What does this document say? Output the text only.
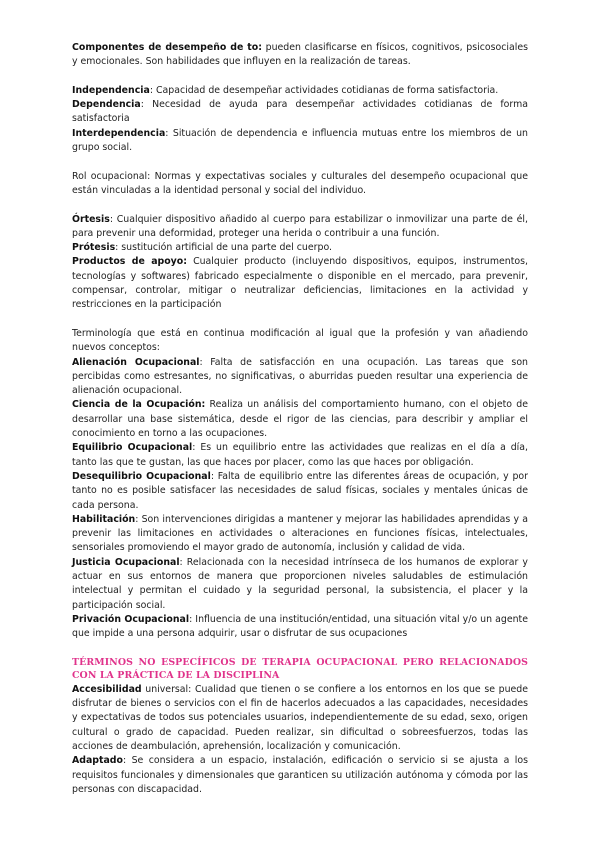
Componentes de desempeño de to: pueden clasificarse en físicos, cognitivos, psicosociales y emocionales. Son habilidades que influyen en la realización de tareas.

Independencia: Capacidad de desempeñar actividades cotidianas de forma satisfactoria.

Dependencia: Necesidad de ayuda para desempeñar actividades cotidianas de forma satisfactoria

Interdependencia: Situación de dependencia e influencia mutuas entre los miembros de un grupo social.

Rol ocupacional: Normas y expectativas sociales y culturales del desempeño ocupacional que están vinculadas a la identidad personal y social del individuo.

Órtesis: Cualquier dispositivo añadido al cuerpo para estabilizar o inmovilizar una parte de él, para prevenir una deformidad, proteger una herida o contribuir a una función.

Prótesis: sustitución artificial de una parte del cuerpo.

Productos de apoyo: Cualquier producto (incluyendo dispositivos, equipos, instrumentos, tecnologías y softwares) fabricado especialmente o disponible en el mercado, para prevenir, compensar, controlar, mitigar o neutralizar deficiencias, limitaciones en la actividad y restricciones en la participación

Terminología que está en continua modificación al igual que la profesión y van añadiendo nuevos conceptos:

Alienación Ocupacional: Falta de satisfacción en una ocupación. Las tareas que son percibidas como estresantes, no significativas, o aburridas pueden resultar una experiencia de alienación ocupacional.

Ciencia de la Ocupación: Realiza un análisis del comportamiento humano, con el objeto de desarrollar una base sistemática, desde el rigor de las ciencias, para describir y ampliar el conocimiento en torno a las ocupaciones.

Equilibrio Ocupacional: Es un equilibrio entre las actividades que realizas en el día a día, tanto las que te gustan, las que haces por placer, como las que haces por obligación.

Desequilibrio Ocupacional: Falta de equilibrio entre las diferentes áreas de ocupación, y por tanto no es posible satisfacer las necesidades de salud físicas, sociales y mentales únicas de cada persona.

Habilitación: Son intervenciones dirigidas a mantener y mejorar las habilidades aprendidas y a prevenir las limitaciones en actividades o alteraciones en funciones físicas, intelectuales, sensoriales promoviendo el mayor grado de autonomía, inclusión y calidad de vida.

Justicia Ocupacional: Relacionada con la necesidad intrínseca de los humanos de explorar y actuar en sus entornos de manera que proporcionen niveles saludables de estimulación intelectual y permitan el cuidado y la seguridad personal, la subsistencia, el placer y la participación social.

Privación Ocupacional: Influencia de una institución/entidad, una situación vital y/o un agente que impide a una persona adquirir, usar o disfrutar de sus ocupaciones

TÉRMINOS NO ESPECÍFICOS DE TERAPIA OCUPACIONAL PERO RELACIONADOS CON LA PRÁCTICA DE LA DISCIPLINA

Accesibilidad universal: Cualidad que tienen o se confiere a los entornos en los que se puede disfrutar de bienes o servicios con el fin de hacerlos adecuados a las capacidades, necesidades y expectativas de todos sus potenciales usuarios, independientemente de su edad, sexo, origen cultural o grado de capacidad. Pueden realizar, sin dificultad o sobreesfuerzos, todas las acciones de deambulación, aprehensión, localización y comunicación.

Adaptado: Se considera a un espacio, instalación, edificación o servicio si se ajusta a los requisitos funcionales y dimensionales que garanticen su utilización autónoma y cómoda por las personas con discapacidad.
